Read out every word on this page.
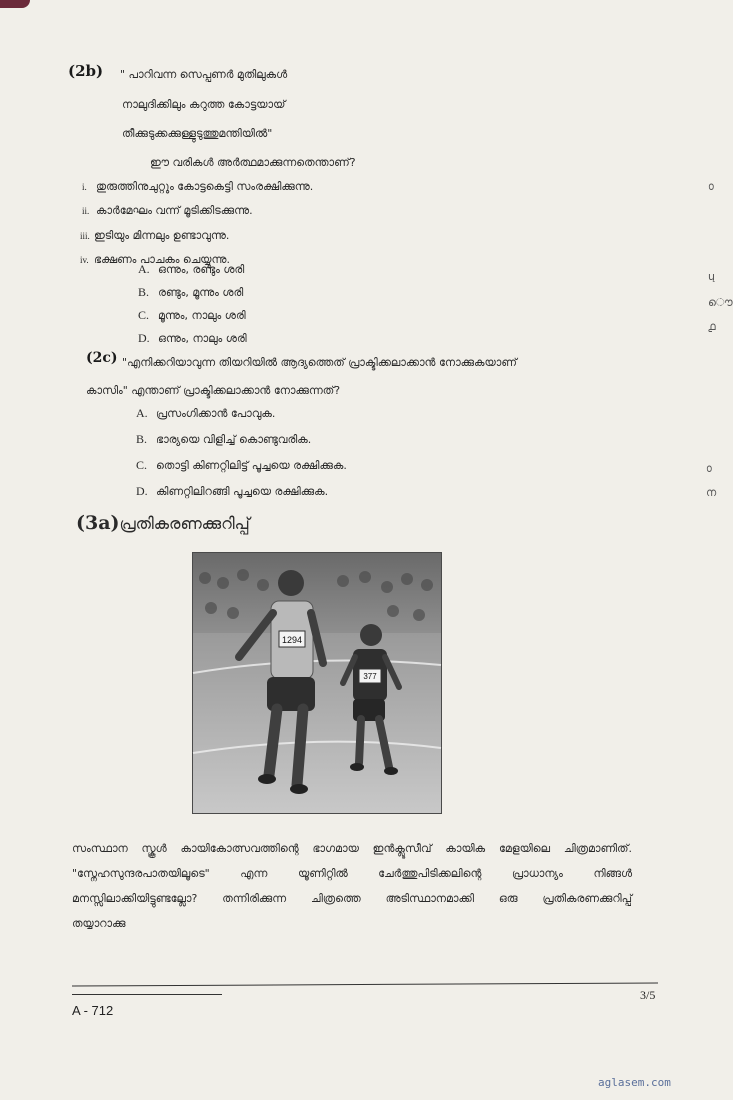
(2b) " പാറിവന്ന സെപ്പണർ മുതിലുകൾ
നാലുദിക്കിലും കറുത്ത കോട്ടയായ്
തീക്കുടുക്കക്കുള്ളുടുത്തുമന്തിയിൽ"
ഈ വരികൾ അർത്ഥമാക്കുന്നതെന്താണ്?
i. തുരുത്തിനുചുറ്റും കോട്ടകെട്ടി സംരക്ഷിക്കുന്നു.
ii. കാർമേഘം വന്ന് മൂടിക്കിടക്കുന്നു.
iii. ഇടിയും മിന്നലും ഉണ്ടാവുന്നു.
iv. ഭക്ഷണം പാചകം ചെയ്യുന്നു.
A. ഒന്നും, രണ്ടും ശരി
B. രണ്ടും, മൂന്നും ശരി
C. മൂന്നും, നാലും ശരി
D. ഒന്നും, നാലും ശരി
(2c) "എനിക്കറിയാവുന്ന തിയറിയിൽ ആദ്യത്തെത് പ്രാക്ടിക്കലാക്കാൻ നോക്കുകയാണ്
കാസിം" എന്താണ് പ്രാക്ടിക്കലാക്കാൻ നോക്കുന്നത്?
A. പ്രസംഗിക്കാൻ പോവുക.
B. ഭാര്യയെ വിളിച്ച് കൊണ്ടുവരിക.
C. തൊട്ടി കിണറ്റിലിട്ട് പൂച്ചയെ രക്ഷിക്കുക.
D. കിണറ്റിലിറങ്ങി പൂച്ചയെ രക്ഷിക്കുക.
(3a)പ്രതികരണക്കുറിപ്പ്
1294
377
സംസ്ഥാന സ്കൂൾ കായികോത്സവത്തിന്റെ ഭാഗമായ ഇൻക്ലൂസീവ് കായിക മേളയിലെ ചിത്രമാണിത്.
"സ്നേഹസുന്ദരപാതയിലൂടെ"	എന്ന	യൂണിറ്റിൽ	ചേർത്തുപിടിക്കലിന്റെ	പ്രാധാന്യം	നിങ്ങൾ
മനസ്സിലാക്കിയിട്ടുണ്ടല്ലോ? തന്നിരിക്കുന്ന ചിത്രത്തെ അടിസ്ഥാനമാക്കി ഒരു പ്രതികരണക്കുറിപ്പ്
തയ്യാറാക്കു
3/5
A - 712
aglasem.com
൦
ų
ൌ
൧
൦
ന
